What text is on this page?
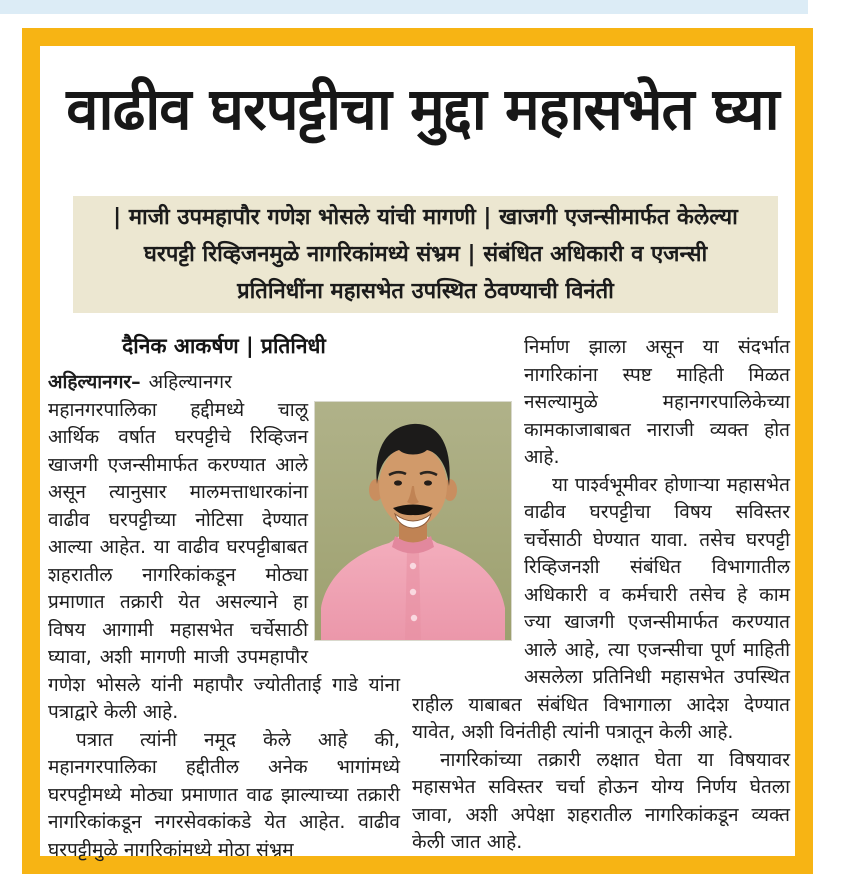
वाढीव घरपट्टीचा मुद्दा महासभेत घ्या
| माजी उपमहापौर गणेश भोसले यांची मागणी | खाजगी एजन्सीमार्फत केलेल्या घरपट्टी रिव्हिजनमुळे नागरिकांमध्ये संभ्रम | संबंधित अधिकारी व एजन्सी प्रतिनिधींना महासभेत उपस्थित ठेवण्याची विनंती
दैनिक आकर्षण | प्रतिनिधी

अहिल्यानगर– अहिल्यानगर महानगरपालिका हद्दीमध्ये चालू आर्थिक वर्षात घरपट्टीचे रिव्हिजन खाजगी एजन्सीमार्फत करण्यात आले असून त्यानुसार मालमत्ताधारकांना वाढीव घरपट्टीच्या नोटिसा देण्यात आल्या आहेत. या वाढीव घरपट्टीबाबत शहरातील नागरिकांकडून मोठ्या प्रमाणात तक्रारी येत असल्याने हा विषय आगामी महासभेत चर्चेसाठी घ्यावा, अशी मागणी माजी उपमहापौर गणेश भोसले यांनी महापौर ज्योतीताई गाडे यांना पत्राद्वारे केली आहे.

पत्रात त्यांनी नमूद केले आहे की, महानगरपालिका हद्दीतील अनेक भागांमध्ये घरपट्टीमध्ये मोठ्या प्रमाणात वाढ झाल्याच्या तक्रारी नागरिकांकडून नगरसेवकांकडे येत आहेत. वाढीव घरपट्टीमुळे नागरिकांमध्ये मोठा संभ्रम

निर्माण झाला असून या संदर्भात नागरिकांना स्पष्ट माहिती मिळत नसल्यामुळे महानगरपालिकेच्या कामकाजाबाबत नाराजी व्यक्त होत आहे.

या पार्श्वभूमीवर होणाऱ्या महासभेत वाढीव घरपट्टीचा विषय सविस्तर चर्चेसाठी घेण्यात यावा. तसेच घरपट्टी रिव्हिजनशी संबंधित विभागातील अधिकारी व कर्मचारी तसेच हे काम ज्या खाजगी एजन्सीमार्फत करण्यात आले आहे, त्या एजन्सीचा पूर्ण माहिती असलेला प्रतिनिधी महासभेत उपस्थित राहील याबाबत संबंधित विभागाला आदेश देण्यात यावेत, अशी विनंतीही त्यांनी पत्रातून केली आहे.

नागरिकांच्या तक्रारी लक्षात घेता या विषयावर महासभेत सविस्तर चर्चा होऊन योग्य निर्णय घेतला जावा, अशी अपेक्षा शहरातील नागरिकांकडून व्यक्त केली जात आहे.
